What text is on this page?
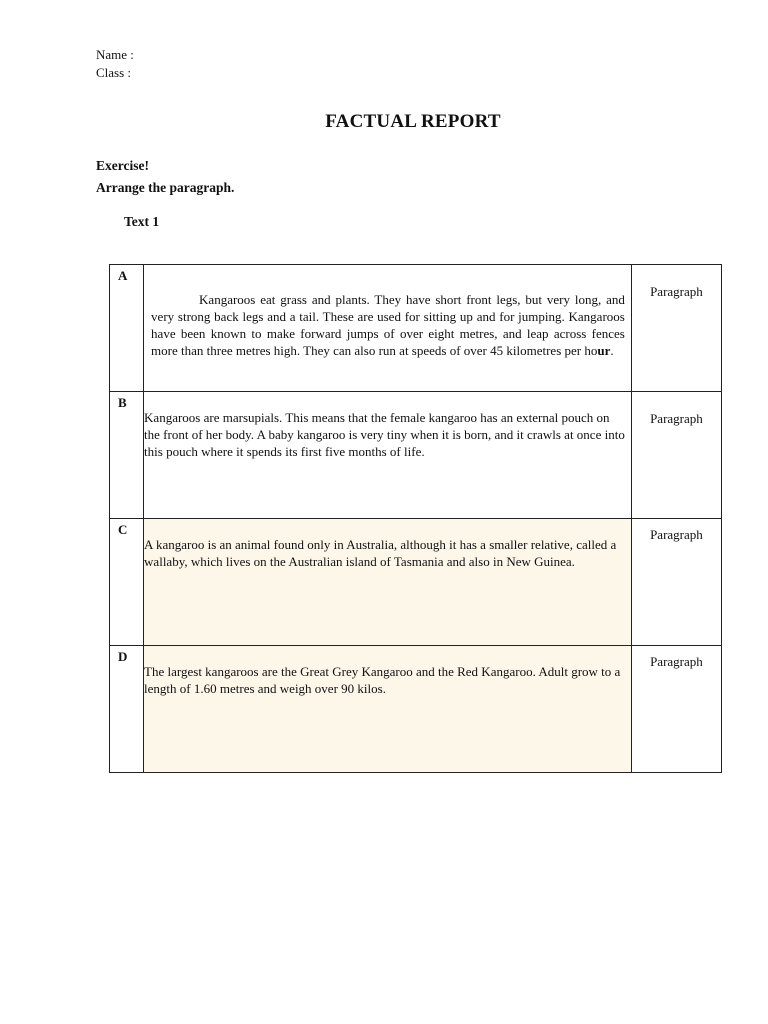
Name :
Class :
FACTUAL REPORT
Exercise!
Arrange the paragraph.
Text 1
A	Kangaroos eat grass and plants. They have short front legs, but very long, and very strong back legs and a tail. These are used for sitting up and for jumping. Kangaroos have been known to make forward jumps of over eight metres, and leap across fences more than three metres high. They can also run at speeds of over 45 kilometres per hour.	Paragraph

B	Kangaroos are marsupials. This means that the female kangaroo has an external pouch on the front of her body. A baby kangaroo is very tiny when it is born, and it crawls at once into this pouch where it spends its first five months of life.	Paragraph

C	A kangaroo is an animal found only in Australia, although it has a smaller relative, called a wallaby, which lives on the Australian island of Tasmania and also in New Guinea.	Paragraph

D	The largest kangaroos are the Great Grey Kangaroo and the Red Kangaroo. Adult grow to a length of 1.60 metres and weigh over 90 kilos.	Paragraph
